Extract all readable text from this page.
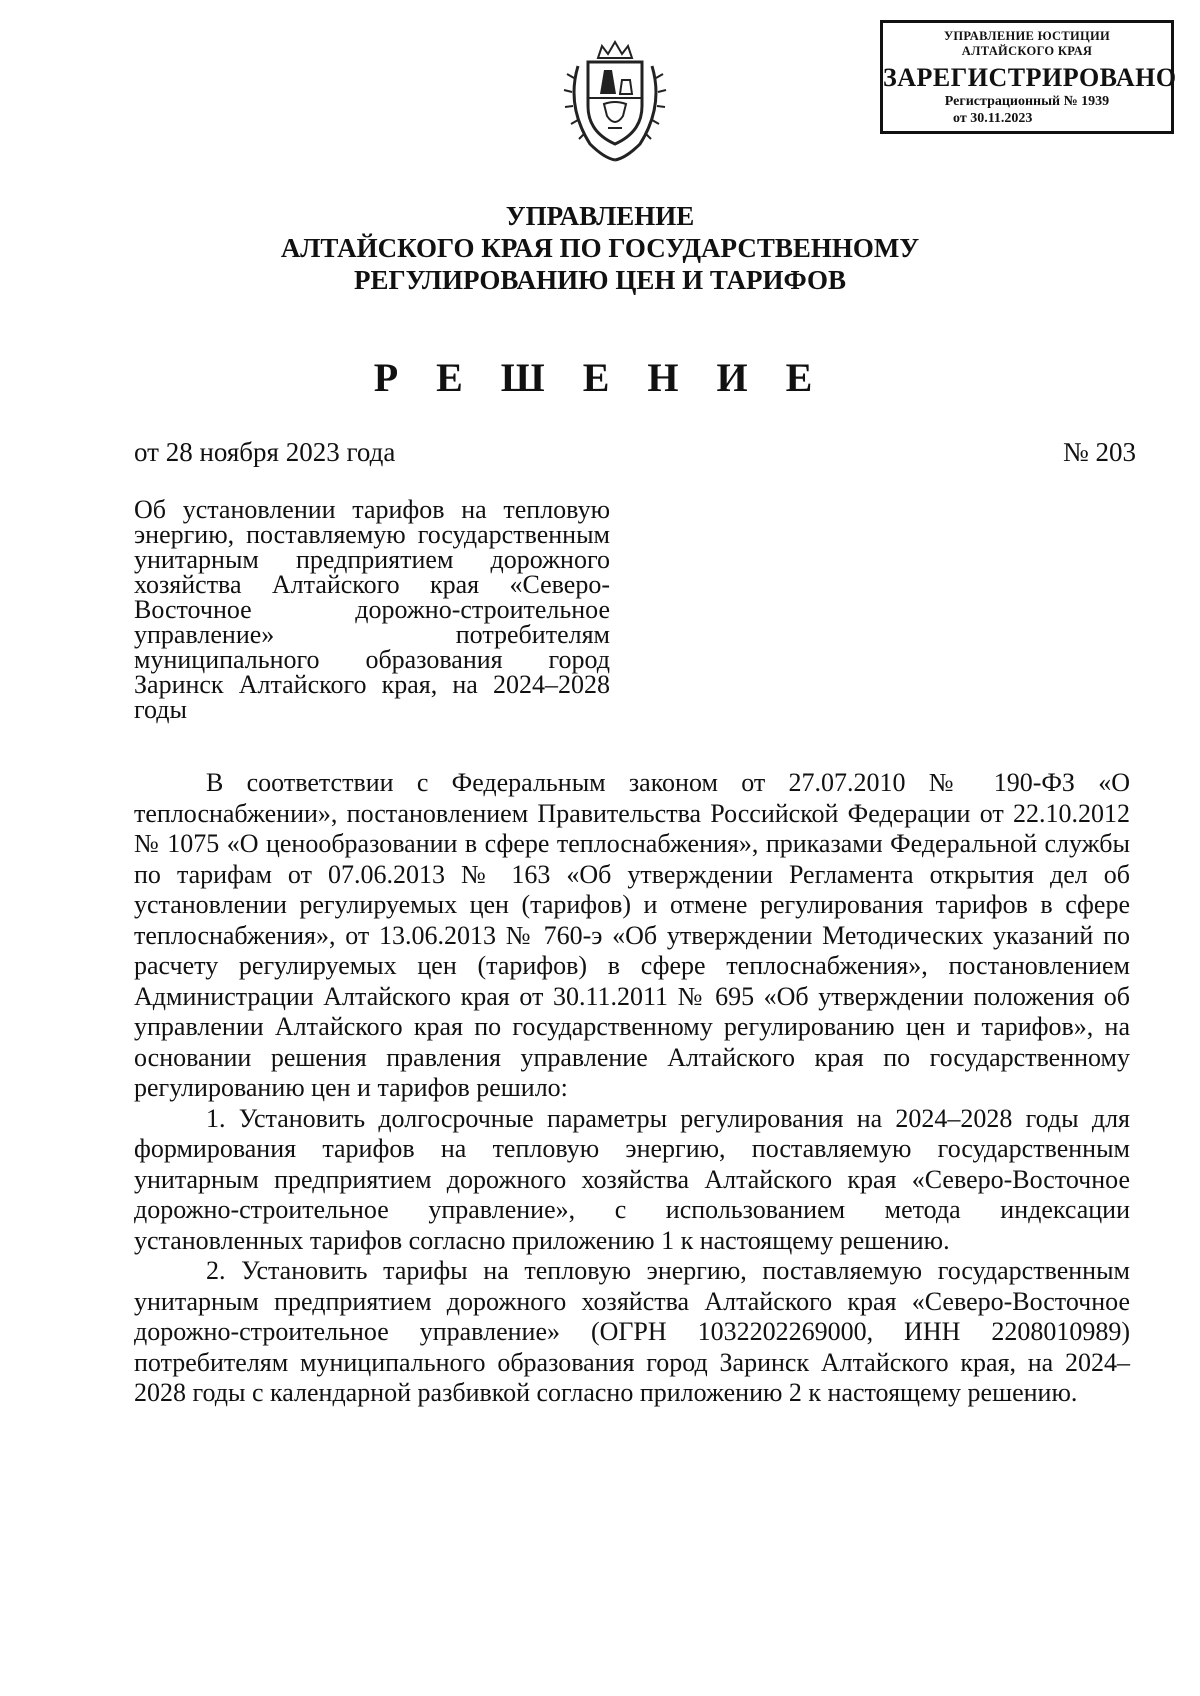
УПРАВЛЕНИЕ ЮСТИЦИИ
АЛТАЙСКОГО КРАЯ
ЗАРЕГИСТРИРОВАНО
Регистрационный № 1939
от 30.11.2023
УПРАВЛЕНИЕ
АЛТАЙСКОГО КРАЯ ПО ГОСУДАРСТВЕННОМУ
РЕГУЛИРОВАНИЮ ЦЕН И ТАРИФОВ
Р Е Ш Е Н И Е
от 28 ноября 2023 года	№ 203
Об установлении тарифов на тепловую энергию, поставляемую государственным унитарным предприятием дорожного хозяйства Алтайского края «Северо-Восточное дорожно-строительное управление» потребителям муниципального образования город Заринск Алтайского края, на 2024–2028 годы

В соответствии с Федеральным законом от 27.07.2010 № 190-ФЗ «О теплоснабжении», постановлением Правительства Российской Федерации от 22.10.2012 № 1075 «О ценообразовании в сфере теплоснабжения», приказами Федеральной службы по тарифам от 07.06.2013 № 163 «Об утверждении Регламента открытия дел об установлении регулируемых цен (тарифов) и отмене регулирования тарифов в сфере теплоснабжения», от 13.06.2013 № 760-э «Об утверждении Методических указаний по расчету регулируемых цен (тарифов) в сфере теплоснабжения», постановлением Администрации Алтайского края от 30.11.2011 № 695 «Об утверждении положения об управлении Алтайского края по государственному регулированию цен и тарифов», на основании решения правления управление Алтайского края по государственному регулированию цен и тарифов решило:

1. Установить долгосрочные параметры регулирования на 2024–2028 годы для формирования тарифов на тепловую энергию, поставляемую государственным унитарным предприятием дорожного хозяйства Алтайского края «Северо-Восточное дорожно-строительное управление», с использованием метода индексации установленных тарифов согласно приложению 1 к настоящему решению.

2. Установить тарифы на тепловую энергию, поставляемую государственным унитарным предприятием дорожного хозяйства Алтайского края «Северо-Восточное дорожно-строительное управление» (ОГРН 1032202269000, ИНН 2208010989) потребителям муниципального образования город Заринск Алтайского края, на 2024–2028 годы с календарной разбивкой согласно приложению 2 к настоящему решению.
